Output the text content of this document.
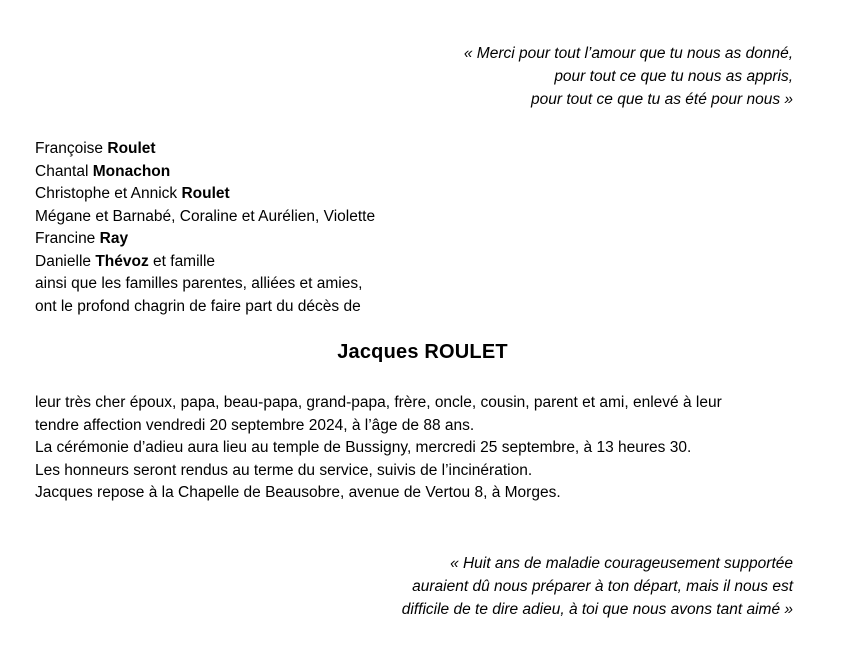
« Merci pour tout l’amour que tu nous as donné,
pour tout ce que tu nous as appris,
pour tout ce que tu as été pour nous »
Françoise Roulet
Chantal Monachon
Christophe et Annick Roulet
Mégane et Barnabé, Coraline et Aurélien, Violette
Francine Ray
Danielle Thévoz et famille
ainsi que les familles parentes, alliées et amies,
ont le profond chagrin de faire part du décès de
Jacques ROULET
leur très cher époux, papa, beau-papa, grand-papa, frère, oncle, cousin, parent et ami, enlevé à leur
tendre affection vendredi 20 septembre 2024, à l’âge de 88 ans.
La cérémonie d’adieu aura lieu au temple de Bussigny, mercredi 25 septembre, à 13 heures 30.
Les honneurs seront rendus au terme du service, suivis de l’incinération.
Jacques repose à la Chapelle de Beausobre, avenue de Vertou 8, à Morges.
« Huit ans de maladie courageusement supportée
auraient dû nous préparer à ton départ, mais il nous est
difficile de te dire adieu, à toi que nous avons tant aimé »
